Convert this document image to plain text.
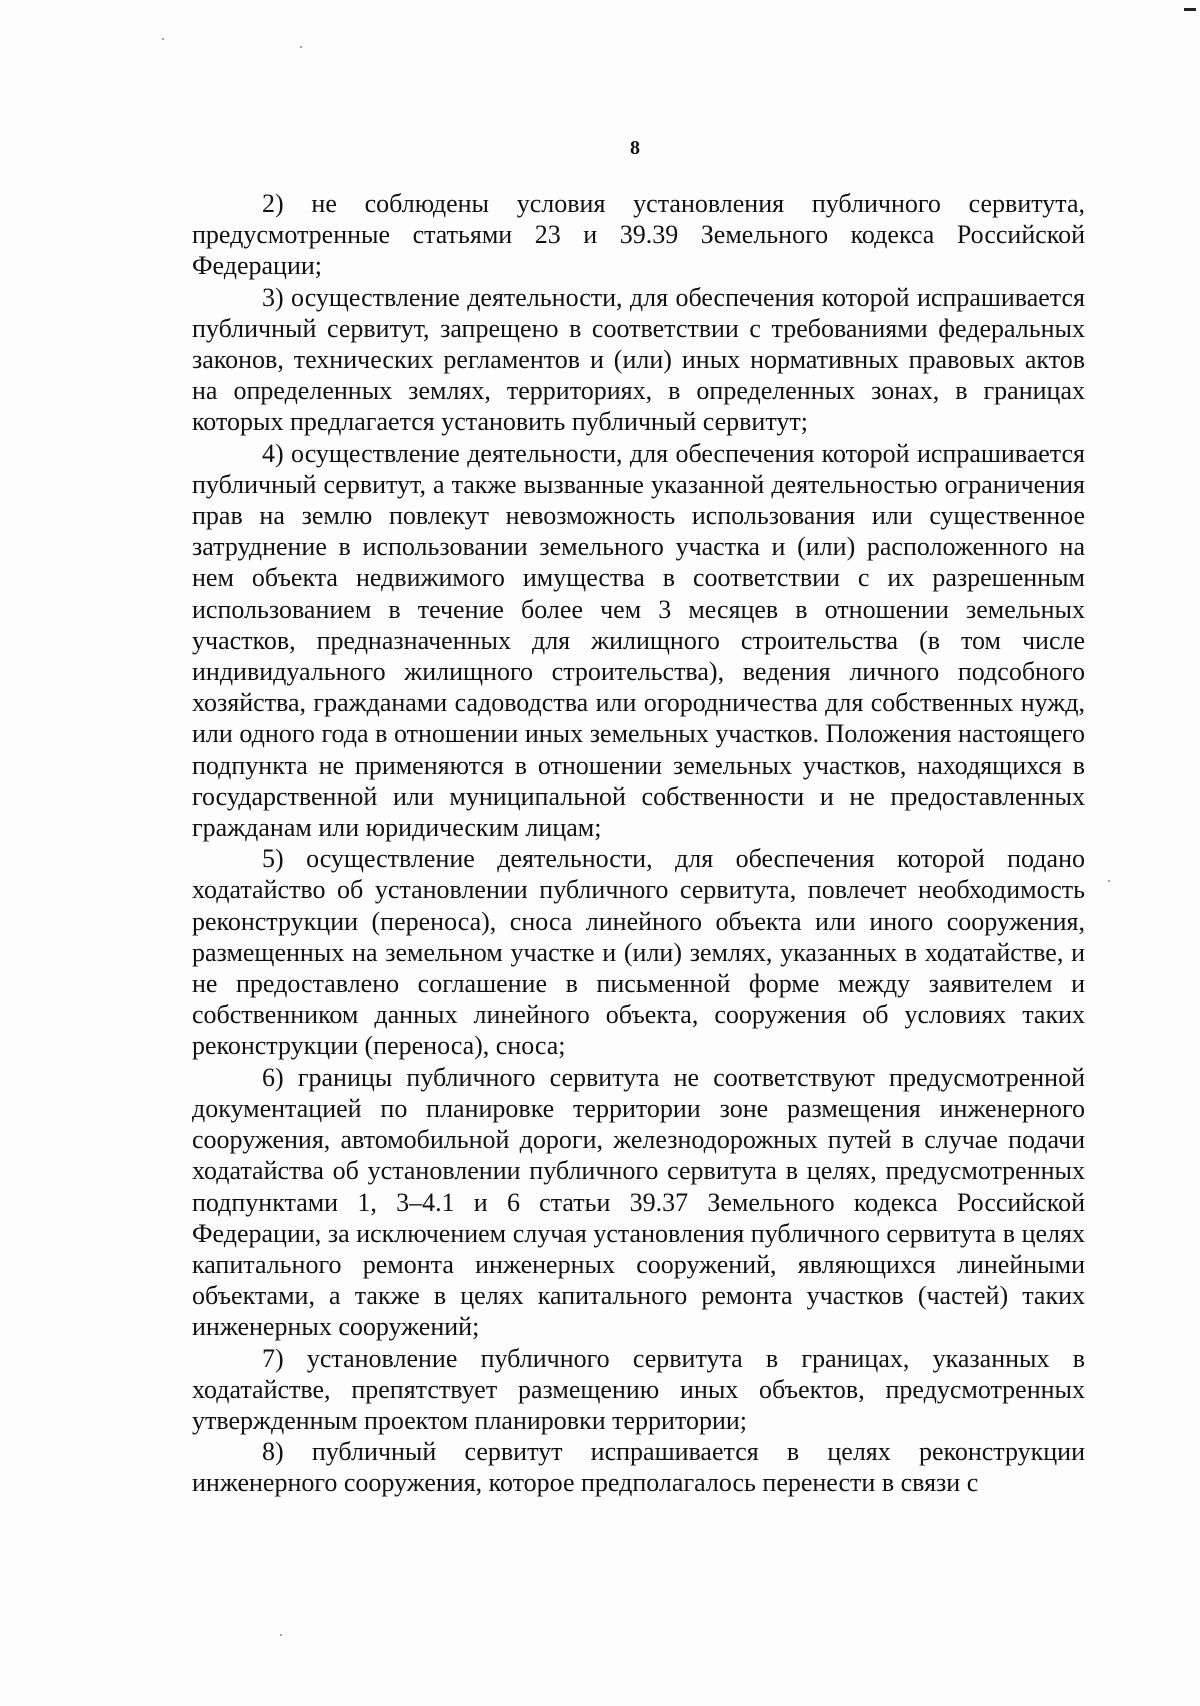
8

2) не соблюдены условия установления публичного сервитута, предусмотренные статьями 23 и 39.39 Земельного кодекса Российской Федерации;

3) осуществление деятельности, для обеспечения которой испрашивается публичный сервитут, запрещено в соответствии с требованиями федеральных законов, технических регламентов и (или) иных нормативных правовых актов на определенных землях, территориях, в определенных зонах, в границах которых предлагается установить публичный сервитут;

4) осуществление деятельности, для обеспечения которой испрашивается публичный сервитут, а также вызванные указанной деятельностью ограничения прав на землю повлекут невозможность использования или существенное затруднение в использовании земельного участка и (или) расположенного на нем объекта недвижимого имущества в соответствии с их разрешенным использованием в течение более чем 3 месяцев в отношении земельных участков, предназначенных для жилищного строительства (в том числе индивидуального жилищного строительства), ведения личного подсобного хозяйства, гражданами садоводства или огородничества для собственных нужд, или одного года в отношении иных земельных участков. Положения настоящего подпункта не применяются в отношении земельных участков, находящихся в государственной или муниципальной собственности и не предоставленных гражданам или юридическим лицам;

5) осуществление деятельности, для обеспечения которой подано ходатайство об установлении публичного сервитута, повлечет необходимость реконструкции (переноса), сноса линейного объекта или иного сооружения, размещенных на земельном участке и (или) землях, указанных в ходатайстве, и не предоставлено соглашение в письменной форме между заявителем и собственником данных линейного объекта, сооружения об условиях таких реконструкции (переноса), сноса;

6) границы публичного сервитута не соответствуют предусмотренной документацией по планировке территории зоне размещения инженерного сооружения, автомобильной дороги, железнодорожных путей в случае подачи ходатайства об установлении публичного сервитута в целях, предусмотренных подпунктами 1, 3–4.1 и 6 статьи 39.37 Земельного кодекса Российской Федерации, за исключением случая установления публичного сервитута в целях капитального ремонта инженерных сооружений, являющихся линейными объектами, а также в целях капитального ремонта участков (частей) таких инженерных сооружений;

7) установление публичного сервитута в границах, указанных в ходатайстве, препятствует размещению иных объектов, предусмотренных утвержденным проектом планировки территории;

8) публичный сервитут испрашивается в целях реконструкции инженерного сооружения, которое предполагалось перенести в связи с
